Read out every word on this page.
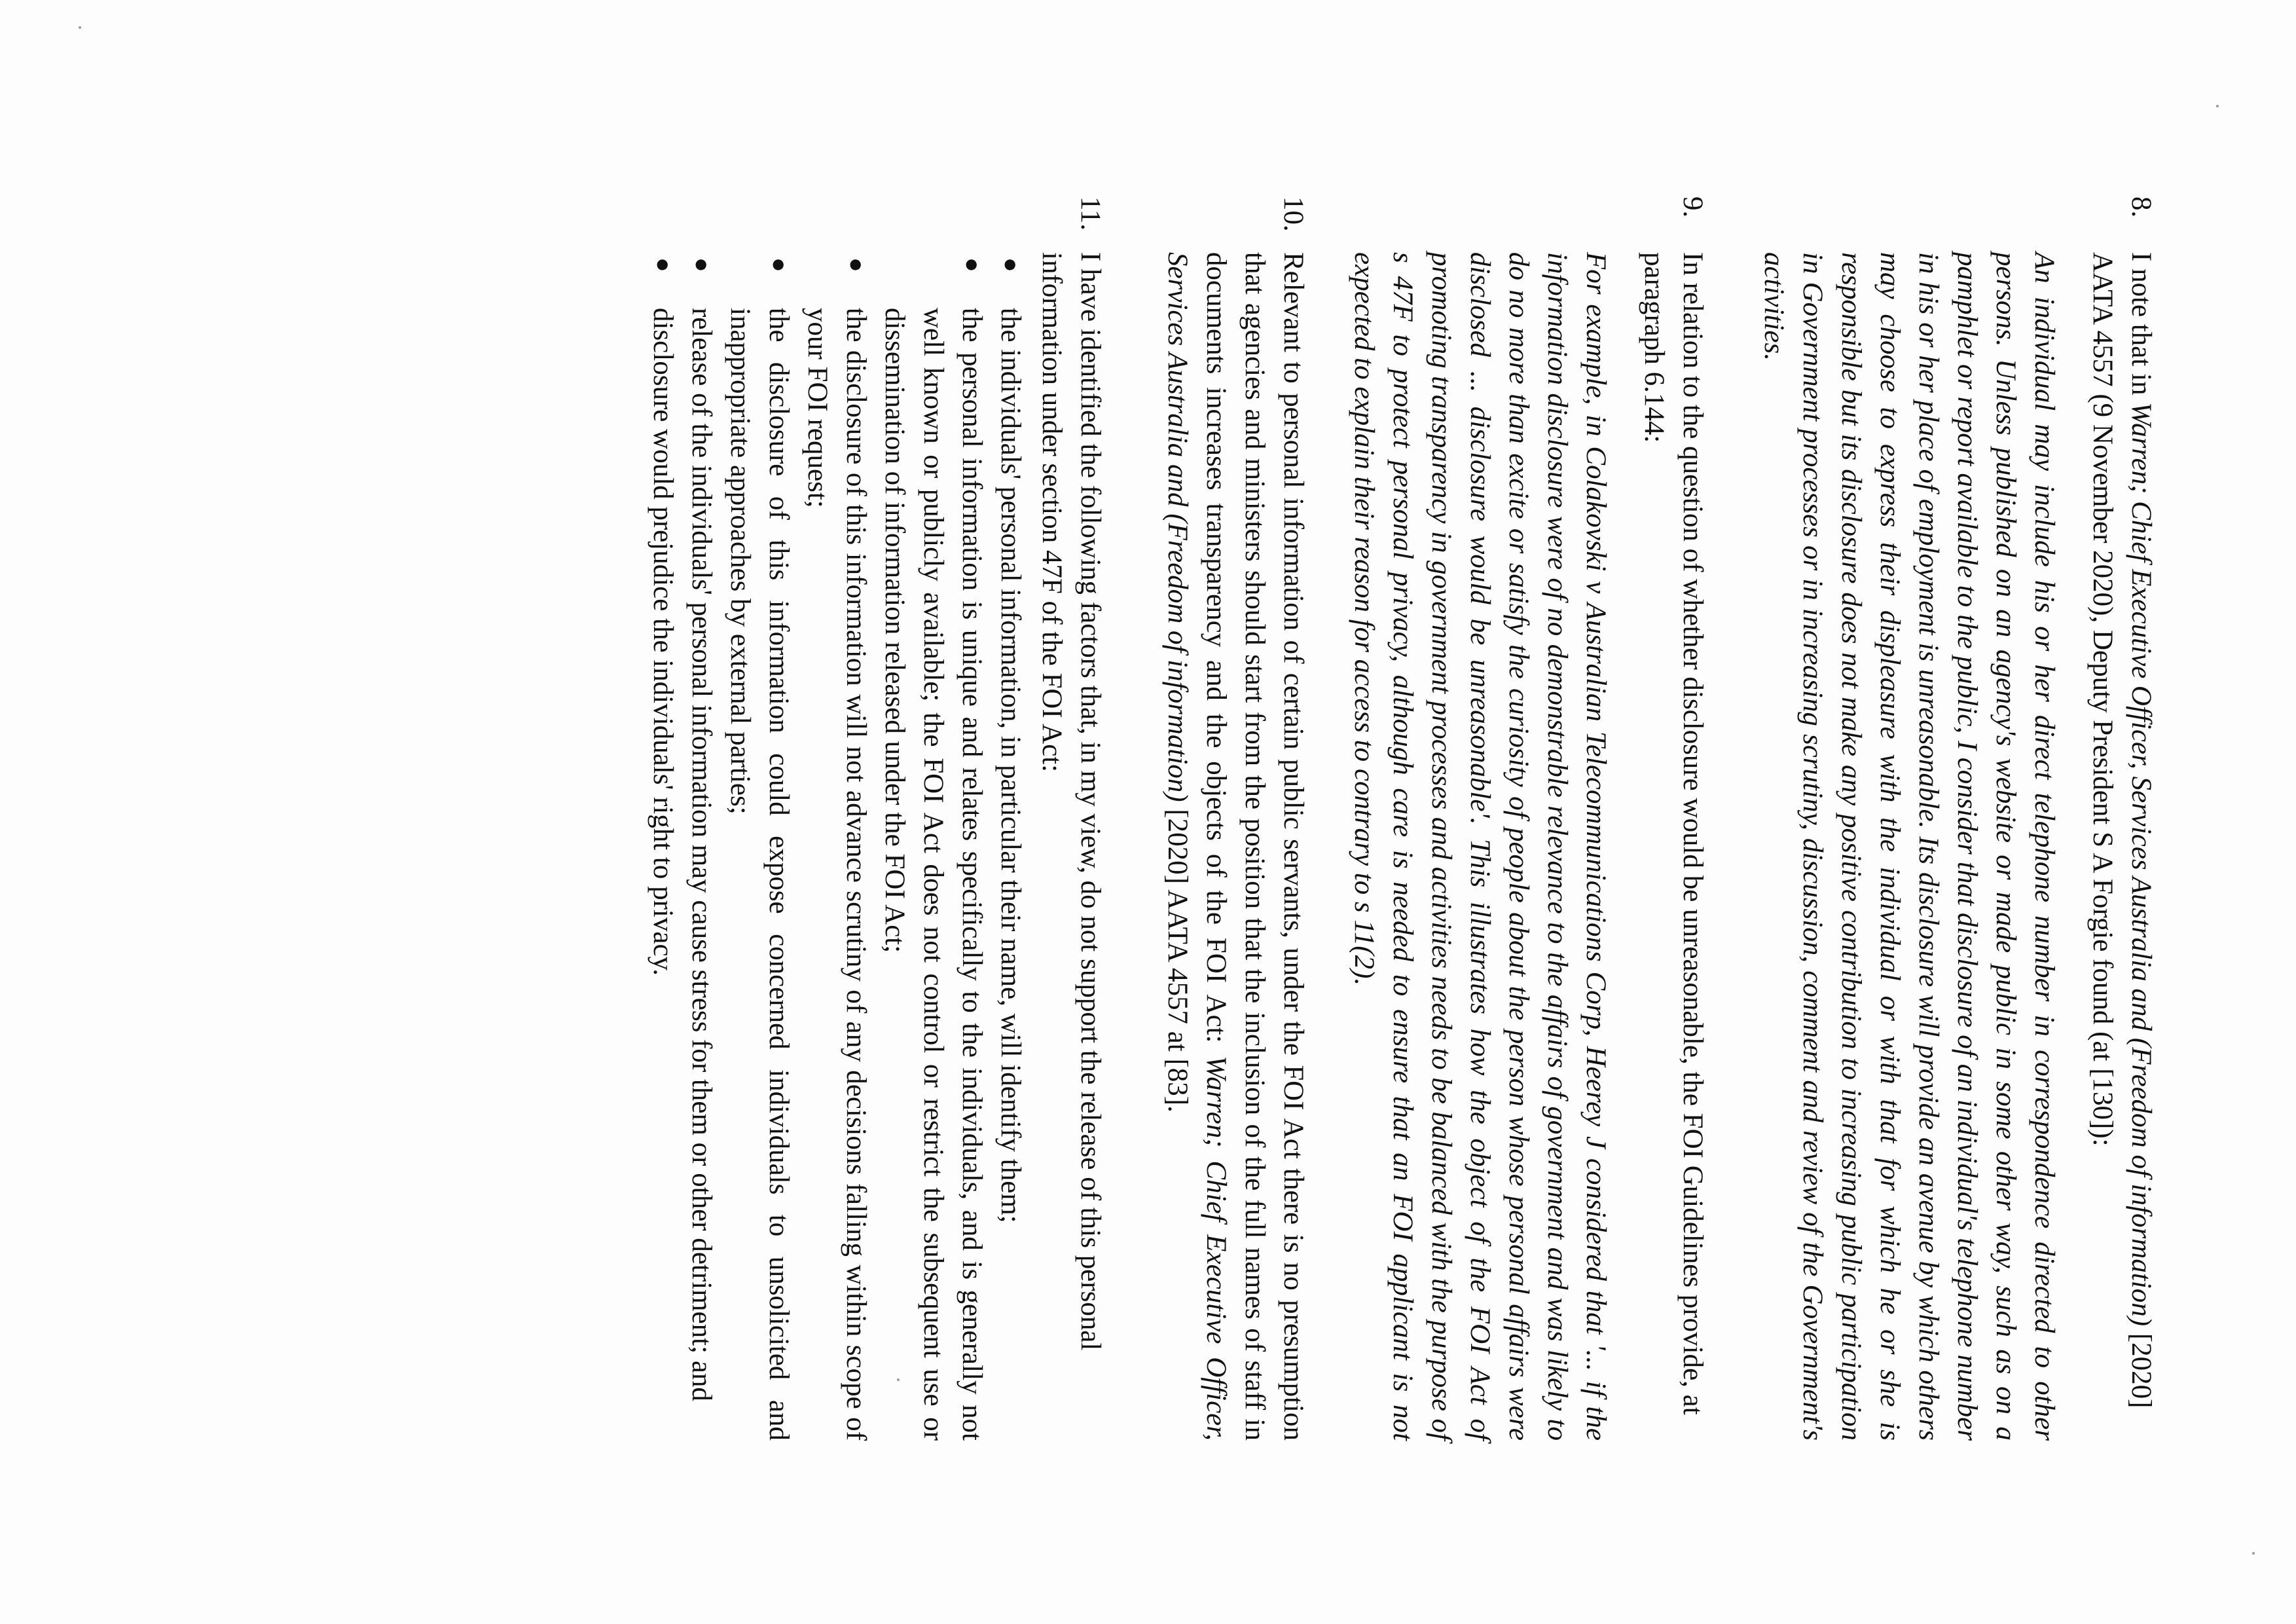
8.
I note that in Warren; Chief Executive Officer, Services Australia and (Freedom of information) [2020] AATA 4557 (9 November 2020), Deputy President S A Forgie found (at [130]):
An individual may include his or her direct telephone number in correspondence directed to other persons. Unless published on an agency's website or made public in some other way, such as on a pamphlet or report available to the public, I consider that disclosure of an individual's telephone number in his or her place of employment is unreasonable. Its disclosure will provide an avenue by which others may choose to express their displeasure with the individual or with that for which he or she is responsible but its disclosure does not make any positive contribution to increasing public participation in Government processes or in increasing scrutiny, discussion, comment and review of the Government's activities.
9.
In relation to the question of whether disclosure would be unreasonable, the FOI Guidelines provide, at paragraph 6.144:
For example, in Colakovski v Australian Telecommunications Corp, Heerey J considered that '... if the information disclosure were of no demonstrable relevance to the affairs of government and was likely to do no more than excite or satisfy the curiosity of people about the person whose personal affairs were disclosed ... disclosure would be unreasonable'. This illustrates how the object of the FOI Act of promoting transparency in government processes and activities needs to be balanced with the purpose of s 47F to protect personal privacy, although care is needed to ensure that an FOI applicant is not expected to explain their reason for access to contrary to s 11(2).
10.
Relevant to personal information of certain public servants, under the FOI Act there is no presumption that agencies and ministers should start from the position that the inclusion of the full names of staff in documents increases transparency and the objects of the FOI Act: Warren; Chief Executive Officer, Services Australia and (Freedom of information) [2020] AATA 4557 at [83].
11.
I have identified the following factors that, in my view, do not support the release of this personal information under section 47F of the FOI Act:
●
the individuals' personal information, in particular their name, will identify them;
●
the personal information is unique and relates specifically to the individuals, and is generally not well known or publicly available; the FOI Act does not control or restrict the subsequent use or dissemination of information released under the FOI Act;
●
the disclosure of this information will not advance scrutiny of any decisions falling within scope of your FOI request;
●
the disclosure of this information could expose concerned individuals to unsolicited and inappropriate approaches by external parties;
●
release of the individuals' personal information may cause stress for them or other detriment; and
●
disclosure would prejudice the individuals' right to privacy.
